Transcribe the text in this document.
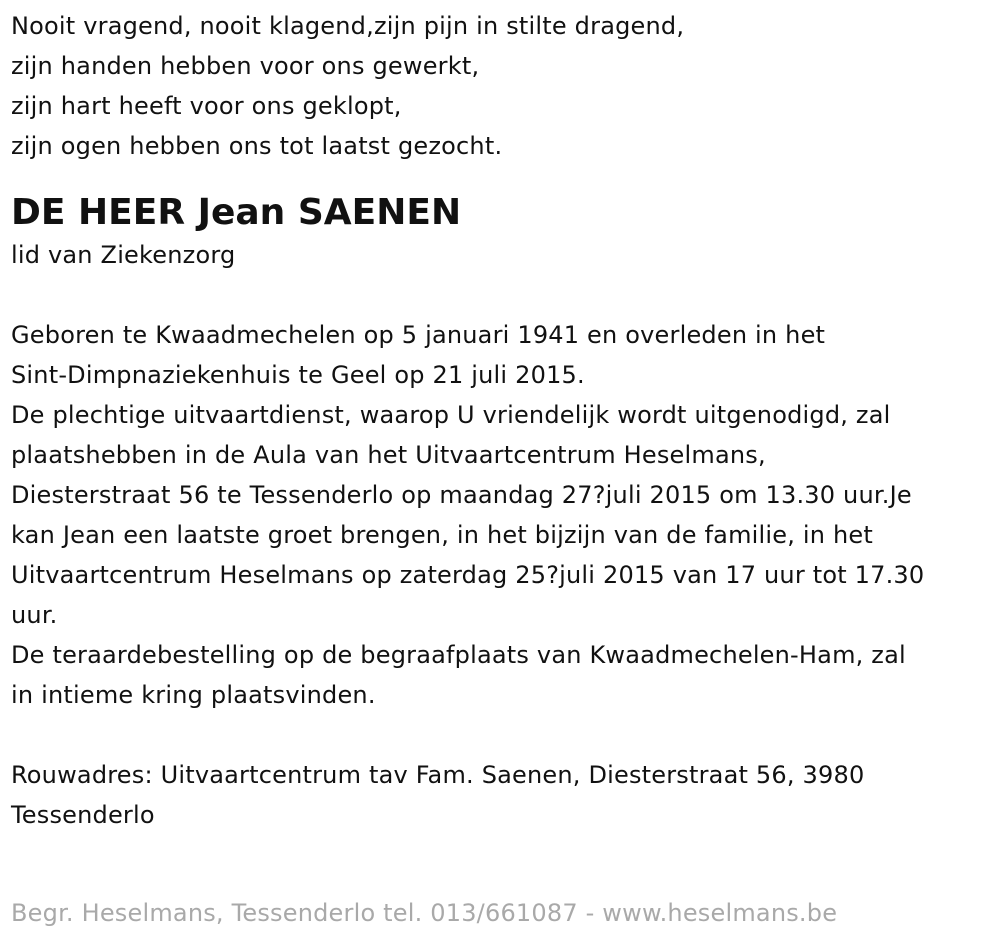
Nooit vragend, nooit klagend,zijn pijn in stilte dragend,

zijn handen hebben voor ons gewerkt,

zijn hart heeft voor ons geklopt,

zijn ogen hebben ons tot laatst gezocht.

DE HEER Jean SAENEN

lid van Ziekenzorg

Geboren te Kwaadmechelen op 5 januari 1941 en overleden in het

Sint-Dimpnaziekenhuis te Geel op 21 juli 2015.

De plechtige uitvaartdienst, waarop U vriendelijk wordt uitgenodigd, zal

plaatshebben in de Aula van het Uitvaartcentrum Heselmans,

Diesterstraat 56 te Tessenderlo op maandag 27?juli 2015 om 13.30 uur.Je

kan Jean een laatste groet brengen, in het bijzijn van de familie, in het

Uitvaartcentrum Heselmans op zaterdag 25?juli 2015 van 17 uur tot 17.30

uur.

De teraardebestelling op de begraafplaats van Kwaadmechelen-Ham, zal

in intieme kring plaatsvinden.

Rouwadres: Uitvaartcentrum tav Fam. Saenen, Diesterstraat 56, 3980

Tessenderlo

Begr. Heselmans, Tessenderlo tel. 013/661087 - www.heselmans.be
